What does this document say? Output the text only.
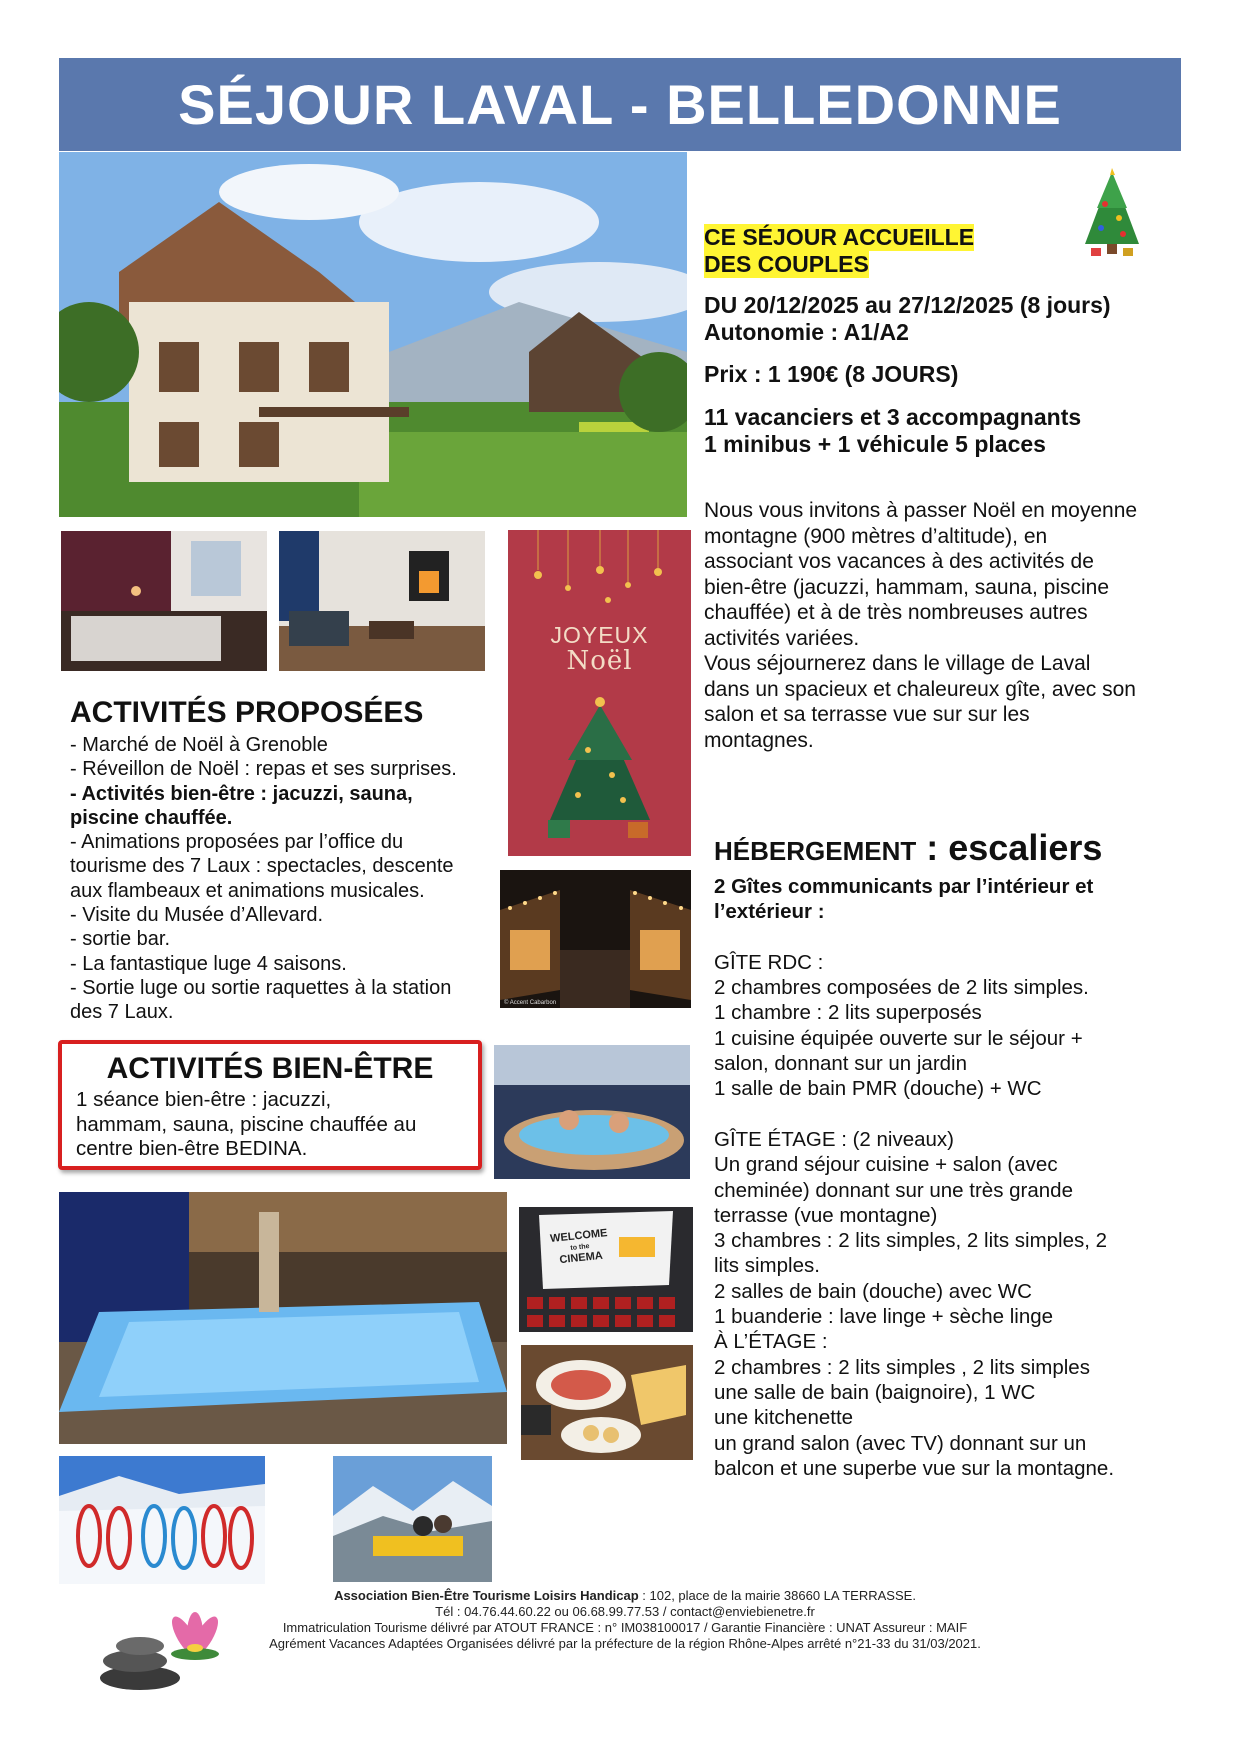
SÉJOUR LAVAL - BELLEDONNE
CE SÉJOUR ACCUEILLE
DES COUPLES
DU 20/12/2025 au 27/12/2025 (8 jours)
Autonomie : A1/A2
Prix : 1 190€ (8 JOURS)
11 vacanciers et 3 accompagnants
1 minibus + 1 véhicule 5 places
Nous vous invitons à passer Noël en moyenne
montagne (900 mètres d’altitude), en
associant vos vacances à des activités de
bien-être (jacuzzi, hammam, sauna, piscine
chauffée) et à de très nombreuses autres
activités variées.
Vous séjournerez dans le village de Laval
dans un spacieux et chaleureux gîte, avec son
salon et sa terrasse vue sur sur les
montagnes.
JOYEUX
Noël
ACTIVITÉS PROPOSÉES
- Marché de Noël à Grenoble
- Réveillon de Noël : repas et ses surprises.
- Activités bien-être : jacuzzi, sauna,
piscine chauffée.
- Animations proposées par l’office du
tourisme des 7 Laux : spectacles, descente
aux flambeaux et animations musicales.
- Visite du Musée d’Allevard.
- sortie bar.
- La fantastique luge 4 saisons.
- Sortie luge ou sortie raquettes à la station
des 7 Laux.	© Accent Cabarbon
ACTIVITÉS BIEN-ÊTRE

1 séance bien-être : jacuzzi,
hammam, sauna, piscine chauffée au
centre bien-être BEDINA.

WELCOME
to the
CINEMA
HÉBERGEMENT : escaliers
2 Gîtes communicants par l’intérieur et
l’extérieur :
GÎTE RDC :
2 chambres composées de 2 lits simples.
1 chambre : 2 lits superposés
1 cuisine équipée ouverte sur le séjour +
salon, donnant sur un jardin
1 salle de bain PMR (douche) + WC
GÎTE ÉTAGE : (2 niveaux)
Un grand séjour cuisine + salon (avec
cheminée) donnant sur une très grande
terrasse (vue montagne)
3 chambres : 2 lits simples, 2 lits simples, 2
lits simples.
2 salles de bain (douche) avec WC
1 buanderie : lave linge + sèche linge
À L’ÉTAGE :
2 chambres : 2 lits simples , 2 lits simples
une salle de bain (baignoire), 1 WC
une kitchenette
un grand salon (avec TV) donnant sur un
balcon et une superbe vue sur la montagne.
Association Bien-Être Tourisme Loisirs Handicap : 102, place de la mairie 38660 LA TERRASSE.
Tél : 04.76.44.60.22 ou 06.68.99.77.53 / contact@enviebienetre.fr
Immatriculation Tourisme délivré par ATOUT FRANCE : n° IM038100017 / Garantie Financière : UNAT Assureur : MAIF
Agrément Vacances Adaptées Organisées délivré par la préfecture de la région Rhône-Alpes arrêté n°21-33 du 31/03/2021.
